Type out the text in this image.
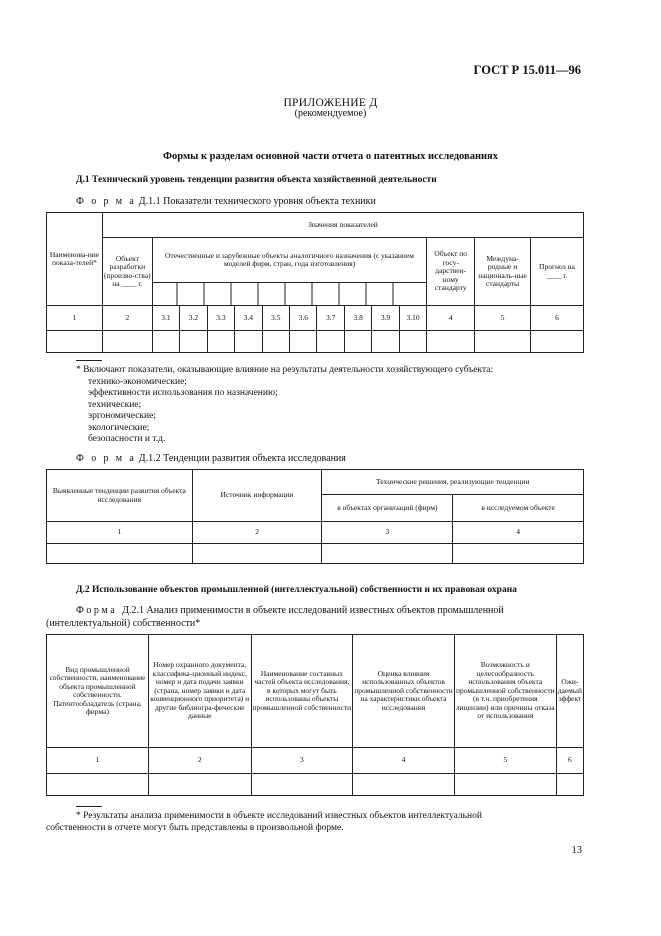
ГОСТ Р 15.011—96
ПРИЛОЖЕНИЕ Д
(рекомендуемое)
Формы к разделам основной части отчета о патентных исследованиях
Д.1 Технический уровень тенденции развития объекта хозяйственной деятельности
Ф о р м а Д.1.1 Показатели технического уровня объекта техники
Наименова-ние показа-телей*	Значения показателей													
	Объект разработки (произво-ства) на ____ г.	Отечественные и зарубежные объекты аналогичного назначения (с указанием моделей фирм, стран, года изготовления)										Объект по госу-дарствен-ному стандарту	Междуна-родные и националь-ные стандарты	Прогноз на ____ г.

1	2	3.1	3.2	3.3	3.4	3.5	3.6	3.7	3.8	3.9	3.10	4	5	6

* Включают показатели, оказывающие влияние на результаты деятельности хозяйствующего субъекта:
технико-экономические;
эффективности использования по назначению;
технические;
эргономические;
экологические;
безопасности и т.д.
Ф о р м а Д.1.2 Тенденции развития объекта исследования
Выявленные тенденции развития объекта исследования	Источник информации	Технические решения, реализующие тенденции	
		в объектах организаций (фирм)	в исследуемом объекте
1	2	3	4

Д.2 Использование объектов промышленной (интеллектуальной) собственности и их правовая охрана
Ф о р м а   Д.2.1 Анализ применимости в объекте исследований известных объектов промышленной
(интеллектуальной) собственности*
Вид промышленной собственности, наименование объекта промышленной собственности. Патентообладатель (страна, фирма)	Номер охранного документа, классифика-ционный индекс, номер и дата подачи заявки (страна, номер заявки и дата конвенционного приоритета) и другие библиогра-фические данные	Наименование составных частей объекта исследования, в которых могут быть использованы объекты промышленной собственности	Оценка влияния использованных объектов промышленной собственности на характеристики объекта исследования	Возможность и целесообразность использования объекта промышленной собственности (в т.ч. приобретения лицензии) или причины отказа от использования	Ожи-даемый эффект
1	2	3	4	5	6

* Результаты анализа применимости в объекте исследований известных объектов интеллектуальной
собственности в отчете могут быть представлены в произвольной форме.
13
